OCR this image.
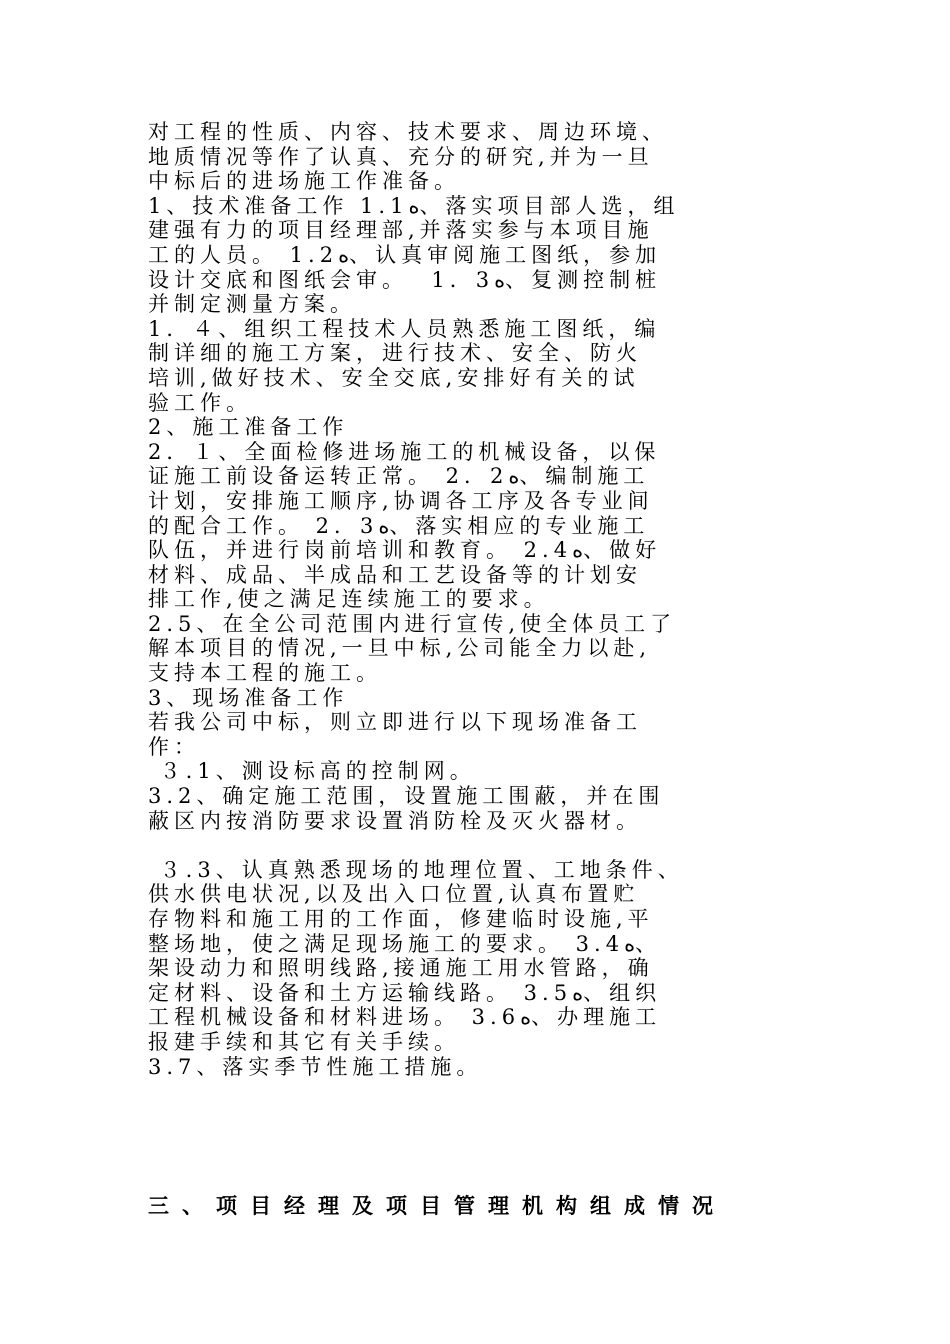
对工程的性质、内容、技术要求、周边环境、
地质情况等作了认真、充分的研究,并为一旦
中标后的进场施工作准备。
1、技术准备工作 1.1ه、落实项目部人选，组
建强有力的项目经理部,并落实参与本项目施
工的人员。 1.2ه、认真审阅施工图纸，参加
设计交底和图纸会审。  1．3ه、复测控制桩
并制定测量方案。
1．４、组织工程技术人员熟悉施工图纸，编
制详细的施工方案，进行技术、安全、防火
培训,做好技术、安全交底,安排好有关的试
验工作。
2、施工准备工作
2．１、全面检修进场施工的机械设备，以保
证施工前设备运转正常。 2．2ه、编制施工
计划，安排施工顺序,协调各工序及各专业间
的配合工作。 2．3ه、落实相应的专业施工
队伍，并进行岗前培训和教育。 2.4ه、做好
材料、成品、半成品和工艺设备等的计划安
排工作,使之满足连续施工的要求。
2.5、在全公司范围内进行宣传,使全体员工了
解本项目的情况,一旦中标,公司能全力以赴,
支持本工程的施工。
3、现场准备工作
若我公司中标，则立即进行以下现场准备工
作：
３.1、测设标高的控制网。
3.2、确定施工范围，设置施工围蔽，并在围
蔽区内按消防要求设置消防栓及灭火器材。
３.3、认真熟悉现场的地理位置、工地条件、
供水供电状况,以及出入口位置,认真布置贮
存物料和施工用的工作面，修建临时设施,平
整场地，使之满足现场施工的要求。 3.4ه、
架设动力和照明线路,接通施工用水管路，确
定材料、设备和土方运输线路。 3.5ه、组织
工程机械设备和材料进场。 3.6ه、办理施工
报建手续和其它有关手续。
3.7、落实季节性施工措施。
三、项目经理及项目管理机构组成情况
